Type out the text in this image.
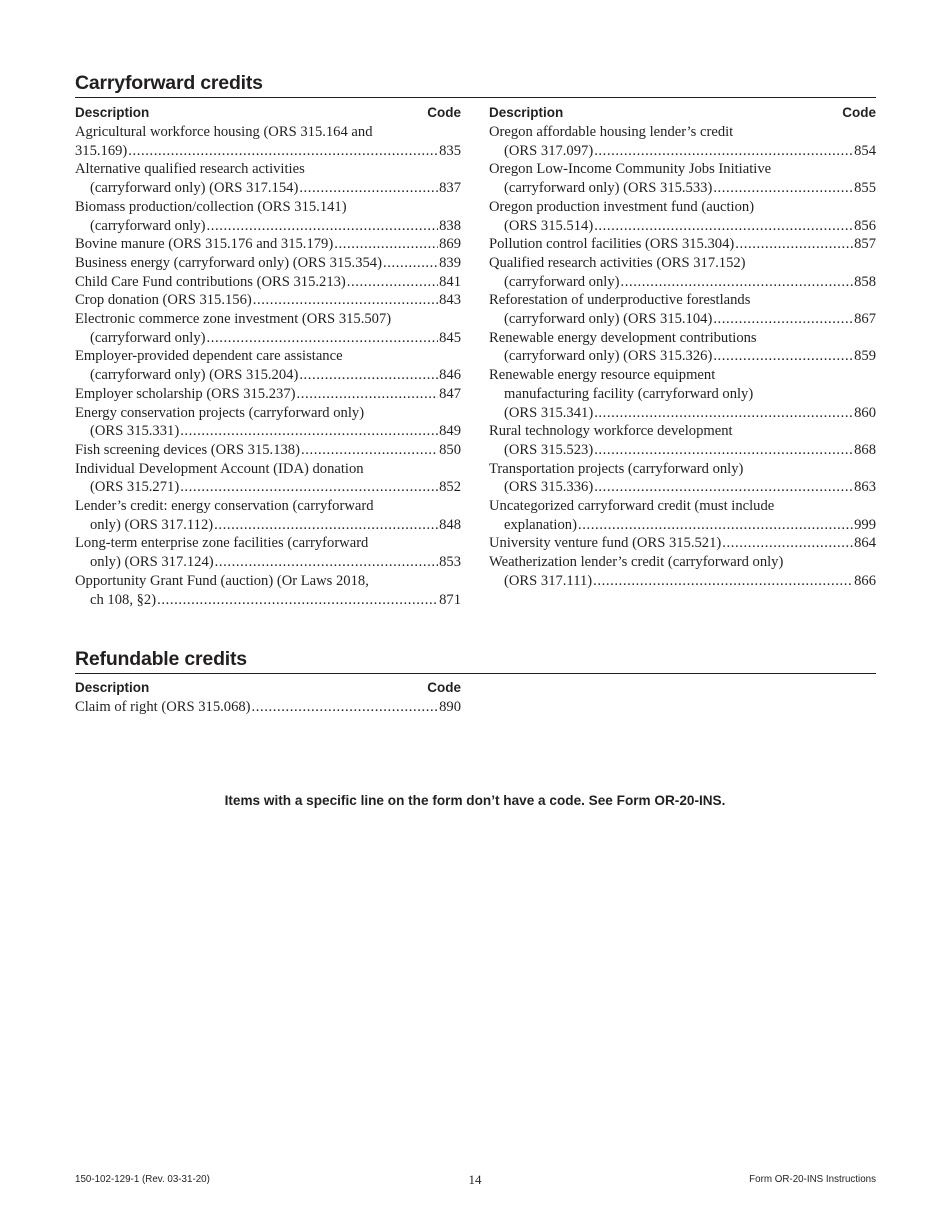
Carryforward credits
Description	Code
Agricultural workforce housing (ORS 315.164 and
315.169) .....	835
Alternative qualified research activities
(carryforward only) (ORS 317.154) .....	837
Biomass production/collection (ORS 315.141)
(carryforward only) .....	838
Bovine manure (ORS 315.176 and 315.179) .....	869
Business energy (carryforward only) (ORS 315.354) .....	839
Child Care Fund contributions (ORS 315.213) .....	841
Crop donation (ORS 315.156) .....	843
Electronic commerce zone investment (ORS 315.507)
(carryforward only) .....	845
Employer-provided dependent care assistance
(carryforward only) (ORS 315.204) .....	846
Employer scholarship (ORS 315.237) .....	847
Energy conservation projects (carryforward only)
(ORS 315.331) .....	849
Fish screening devices (ORS 315.138) .....	850
Individual Development Account (IDA) donation
(ORS 315.271) .....	852
Lender’s credit: energy conservation (carryforward
only) (ORS 317.112) .....	848
Long-term enterprise zone facilities (carryforward
only) (ORS 317.124) .....	853
Opportunity Grant Fund (auction) (Or Laws 2018,
ch 108, §2) .....	871
Description	Code
Oregon affordable housing lender’s credit
(ORS 317.097) .....	854
Oregon Low-Income Community Jobs Initiative
(carryforward only) (ORS 315.533) .....	855
Oregon production investment fund (auction)
(ORS 315.514) .....	856
Pollution control facilities (ORS 315.304) .....	857
Qualified research activities (ORS 317.152)
(carryforward only) .....	858
Reforestation of underproductive forestlands
(carryforward only) (ORS 315.104) .....	867
Renewable energy development contributions
(carryforward only) (ORS 315.326) .....	859
Renewable energy resource equipment
manufacturing facility (carryforward only)
(ORS 315.341) .....	860
Rural technology workforce development
(ORS 315.523) .....	868
Transportation projects (carryforward only)
(ORS 315.336) .....	863
Uncategorized carryforward credit (must include
explanation) .....	999
University venture fund (ORS 315.521) .....	864
Weatherization lender’s credit (carryforward only)
(ORS 317.111) .....	866
Refundable credits
Description	Code
Claim of right (ORS 315.068) .....	890
Items with a specific line on the form don’t have a code. See Form OR-20-INS.
150-102-129-1 (Rev. 03-31-20)	14	Form OR-20-INS Instructions
